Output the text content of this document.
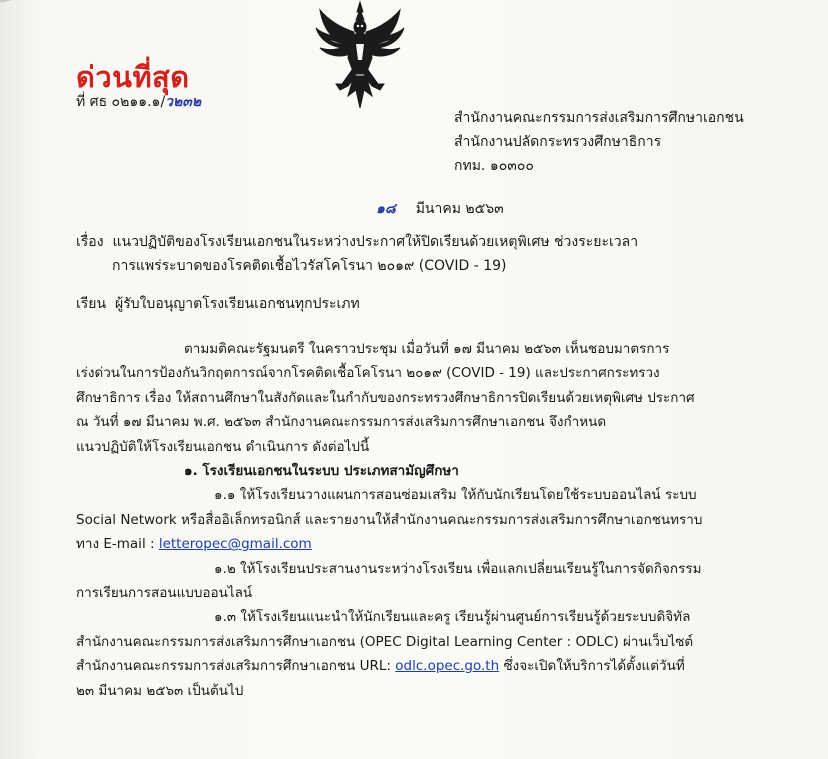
ด่วนที่สุด
ที่ ศธ ๐๒๑๑.๑/ว๒๓๒
สำนักงานคณะกรรมการส่งเสริมการศึกษาเอกชน
สำนักงานปลัดกระทรวงศึกษาธิการ
กทม. ๑๐๓๐๐
๑๘ มีนาคม ๒๕๖๓
เรื่อง แนวปฏิบัติของโรงเรียนเอกชนในระหว่างประกาศให้ปิดเรียนด้วยเหตุพิเศษ ช่วงระยะเวลา
การแพร่ระบาดของโรคติดเชื้อไวรัสโคโรนา ๒๐๑๙ (COVID - 19)
เรียน ผู้รับใบอนุญาตโรงเรียนเอกชนทุกประเภท
ตามมติคณะรัฐมนตรี ในคราวประชุม เมื่อวันที่ ๑๗ มีนาคม ๒๕๖๓ เห็นชอบมาตรการ
เร่งด่วนในการป้องกันวิกฤตการณ์จากโรคติดเชื้อโคโรนา ๒๐๑๙ (COVID - 19) และประกาศกระทรวง
ศึกษาธิการ เรื่อง ให้สถานศึกษาในสังกัดและในกำกับของกระทรวงศึกษาธิการปิดเรียนด้วยเหตุพิเศษ ประกาศ
ณ วันที่ ๑๗ มีนาคม พ.ศ. ๒๕๖๓ สำนักงานคณะกรรมการส่งเสริมการศึกษาเอกชน จึงกำหนด
แนวปฏิบัติให้โรงเรียนเอกชน ดำเนินการ ดังต่อไปนี้
๑. โรงเรียนเอกชนในระบบ ประเภทสามัญศึกษา
๑.๑ ให้โรงเรียนวางแผนการสอนซ่อมเสริม ให้กับนักเรียนโดยใช้ระบบออนไลน์ ระบบ
Social Network หรือสื่ออิเล็กทรอนิกส์ และรายงานให้สำนักงานคณะกรรมการส่งเสริมการศึกษาเอกชนทราบ
ทาง E-mail : letteropec@gmail.com
๑.๒ ให้โรงเรียนประสานงานระหว่างโรงเรียน เพื่อแลกเปลี่ยนเรียนรู้ในการจัดกิจกรรม
การเรียนการสอนแบบออนไลน์
๑.๓ ให้โรงเรียนแนะนำให้นักเรียนและครู เรียนรู้ผ่านศูนย์การเรียนรู้ด้วยระบบดิจิทัล
สำนักงานคณะกรรมการส่งเสริมการศึกษาเอกชน (OPEC Digital Learning Center : ODLC) ผ่านเว็บไซต์
สำนักงานคณะกรรมการส่งเสริมการศึกษาเอกชน URL: odlc.opec.go.th ซึ่งจะเปิดให้บริการได้ตั้งแต่วันที่
๒๓ มีนาคม ๒๕๖๓ เป็นต้นไป
